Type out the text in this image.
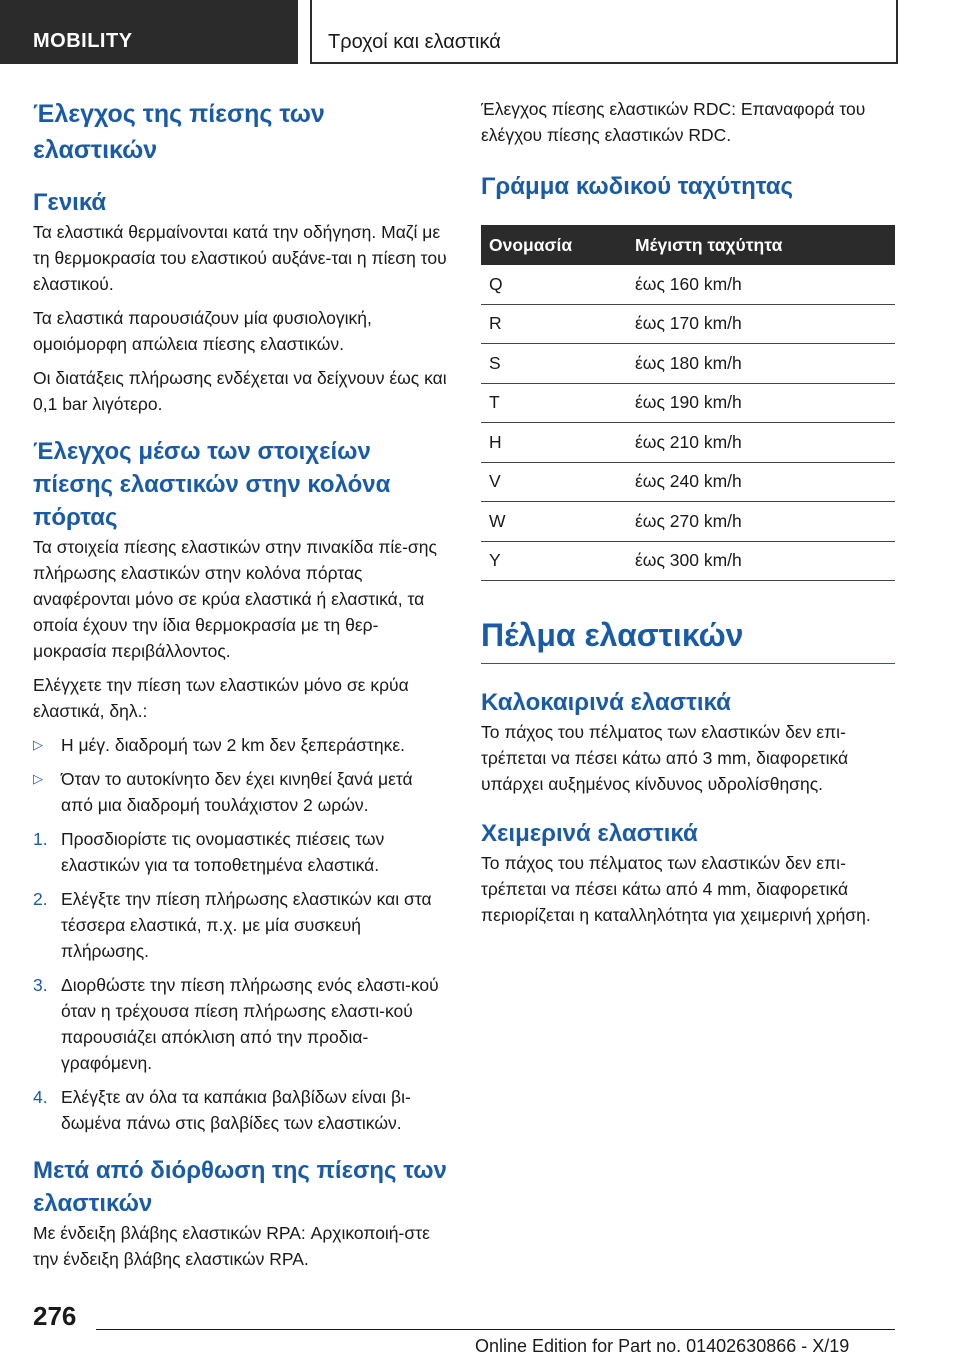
MOBILITY	Τροχοί και ελαστικά
Έλεγχος της πίεσης των ελαστικών
Γενικά

Τα ελαστικά θερμαίνονται κατά την οδήγηση. Μαζί με τη θερμοκρασία του ελαστικού αυξάνε-ται η πίεση του ελαστικού.

Τα ελαστικά παρουσιάζουν μία φυσιολογική, ομοιόμορφη απώλεια πίεσης ελαστικών.

Οι διατάξεις πλήρωσης ενδέχεται να δείχνουν έως και 0,1 bar λιγότερο.

Έλεγχος μέσω των στοιχείων πίεσης ελαστικών στην κολόνα πόρτας

Τα στοιχεία πίεσης ελαστικών στην πινακίδα πίε-σης πλήρωσης ελαστικών στην κολόνα πόρτας αναφέρονται μόνο σε κρύα ελαστικά ή ελαστικά, τα οποία έχουν την ίδια θερμοκρασία με τη θερ-μοκρασία περιβάλλοντος.

Ελέγχετε την πίεση των ελαστικών μόνο σε κρύα ελαστικά, δηλ.:

▷	Η μέγ. διαδρομή των 2 km δεν ξεπεράστηκε.
▷	Όταν το αυτοκίνητο δεν έχει κινηθεί ξανά μετά από μια διαδρομή τουλάχιστον 2 ωρών.
1. Προσδιορίστε τις ονομαστικές πιέσεις των ελαστικών για τα τοποθετημένα ελαστικά.
2. Ελέγξτε την πίεση πλήρωσης ελαστικών και στα τέσσερα ελαστικά, π.χ. με μία συσκευή πλήρωσης.
3. Διορθώστε την πίεση πλήρωσης ενός ελαστι-κού όταν η τρέχουσα πίεση πλήρωσης ελαστι-κού παρουσιάζει απόκλιση από την προδια-γραφόμενη.
4. Ελέγξτε αν όλα τα καπάκια βαλβίδων είναι βι-δωμένα πάνω στις βαλβίδες των ελαστικών.
Μετά από διόρθωση της πίεσης των ελαστικών

Με ένδειξη βλάβης ελαστικών RPA: Αρχικοποιή-στε την ένδειξη βλάβης ελαστικών RPA.

Έλεγχος πίεσης ελαστικών RDC: Επαναφορά του ελέγχου πίεσης ελαστικών RDC.

Γράμμα κωδικού ταχύτητας
Ονομασία	Μέγιστη ταχύτητα
Q	έως 160 km/h
R	έως 170 km/h
S	έως 180 km/h
T	έως 190 km/h
H	έως 210 km/h
V	έως 240 km/h
W	έως 270 km/h
Y	έως 300 km/h
Πέλμα ελαστικών
Καλοκαιρινά ελαστικά

Το πάχος του πέλματος των ελαστικών δεν επι-τρέπεται να πέσει κάτω από 3 mm, διαφορετικά υπάρχει αυξημένος κίνδυνος υδρολίσθησης.

Χειμερινά ελαστικά

Το πάχος του πέλματος των ελαστικών δεν επι-τρέπεται να πέσει κάτω από 4 mm, διαφορετικά περιορίζεται η καταλληλότητα για χειμερινή χρήση.

276
Online Edition for Part no. 01402630866 - X/19
